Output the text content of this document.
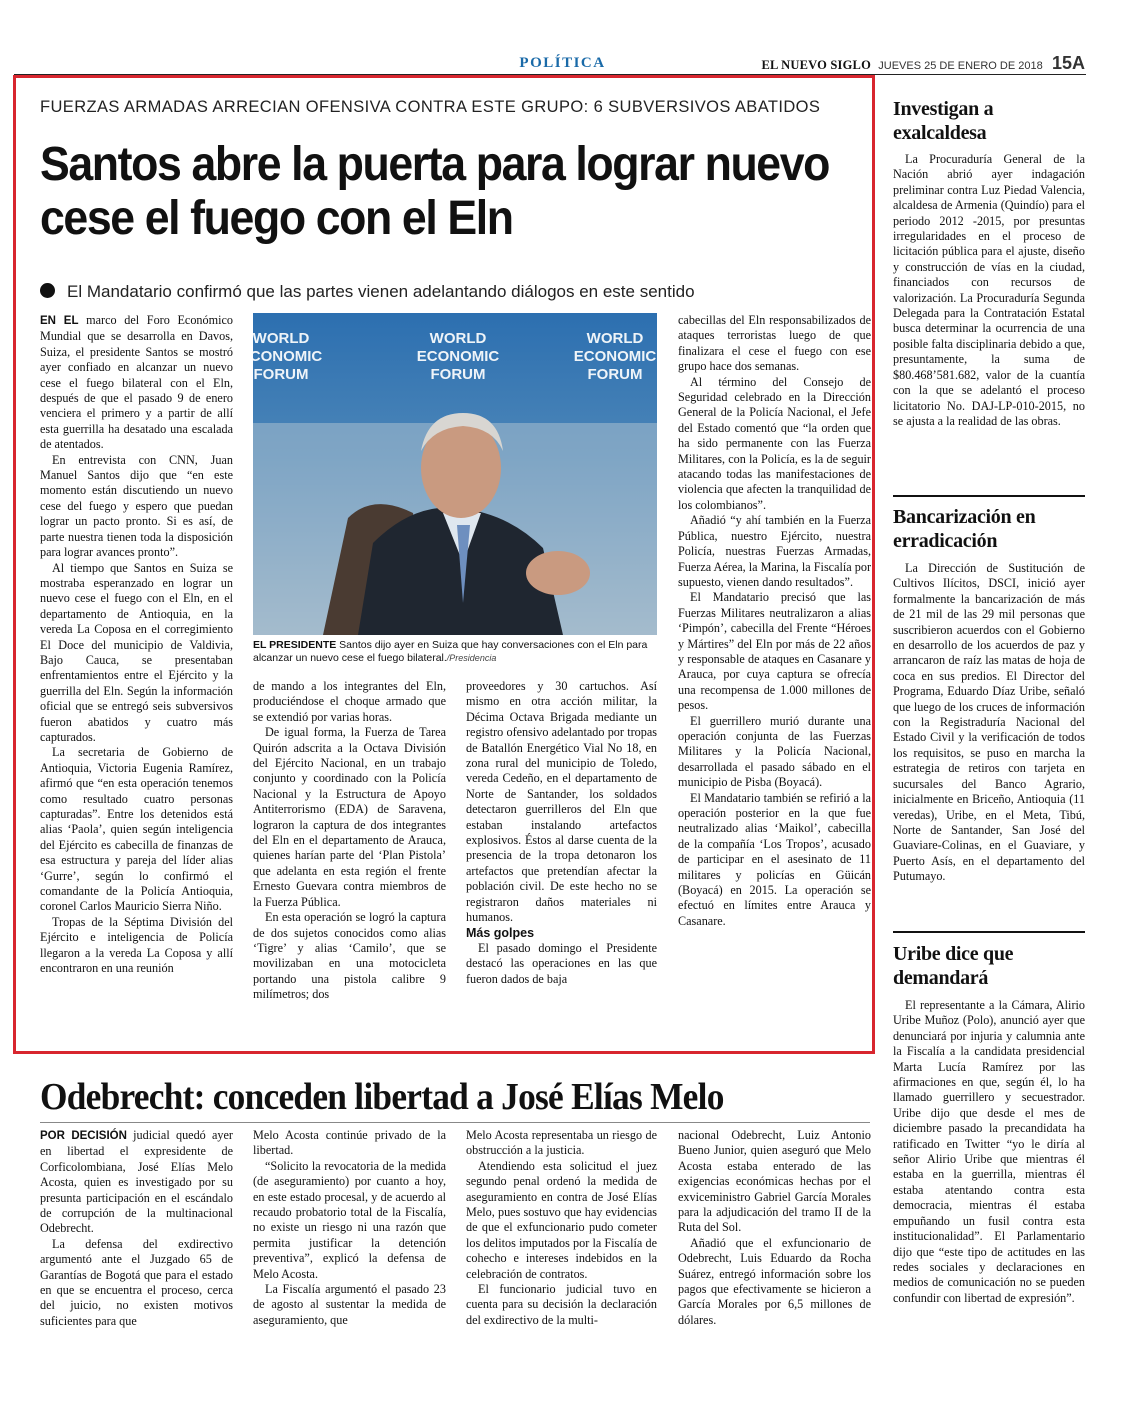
POLÍTICA	EL NUEVO SIGLO JUEVES 25 DE ENERO DE 2018 15A
FUERZAS ARMADAS ARRECIAN OFENSIVA CONTRA ESTE GRUPO: 6 SUBVERSIVOS ABATIDOS
Santos abre la puerta para lograr nuevo cese el fuego con el Eln
El Mandatario confirmó que las partes vienen adelantando diálogos en este sentido

EN EL marco del Foro Económico Mundial que se desarrolla en Davos, Suiza, el presidente Santos se mostró ayer confiado en alcanzar un nuevo cese el fuego bilateral con el Eln, después de que el pasado 9 de enero venciera el primero y a partir de allí esta guerrilla ha desatado una escalada de atentados.

En entrevista con CNN, Juan Manuel Santos dijo que “en este momento están discutiendo un nuevo cese del fuego y espero que puedan lograr un pacto pronto. Si es así, de parte nuestra tienen toda la disposición para lograr avances pronto”.

Al tiempo que Santos en Suiza se mostraba esperanzado en lograr un nuevo cese el fuego con el Eln, en el departamento de Antioquia, en la vereda La Coposa en el corregimiento El Doce del municipio de Valdivia, Bajo Cauca, se presentaban enfrentamientos entre el Ejército y la guerrilla del Eln. Según la información oficial que se entregó seis subversivos fueron abatidos y cuatro más capturados.

La secretaria de Gobierno de Antioquia, Victoria Eugenia Ramírez, afirmó que “en esta operación tenemos como resultado cuatro personas capturadas”. Entre los detenidos está alias ‘Paola’, quien según inteligencia del Ejército es cabecilla de finanzas de esa estructura y pareja del líder alias ‘Gurre’, según lo confirmó el comandante de la Policía Antioquia, coronel Carlos Mauricio Sierra Niño.

Tropas de la Séptima División del Ejército e inteligencia de Policía llegaron a la vereda La Coposa y allí encontraron en una reunión

WORLD
ECONOMIC
FORUM
WORLD
ECONOMIC
FORUM
WORLD
ECONOMIC
FORUM
EL PRESIDENTE Santos dijo ayer en Suiza que hay conversaciones con el Eln para alcanzar un nuevo cese el fuego bilateral./Presidencia

de mando a los integrantes del Eln, produciéndose el choque armado que se extendió por varias horas.

De igual forma, la Fuerza de Tarea Quirón adscrita a la Octava División del Ejército Nacional, en un trabajo conjunto y coordinado con la Policía Nacional y la Estructura de Apoyo Antiterrorismo (EDA) de Saravena, lograron la captura de dos integrantes del Eln en el departamento de Arauca, quienes harían parte del ‘Plan Pistola’ que adelanta en esta región el frente Ernesto Guevara contra miembros de la Fuerza Pública.

En esta operación se logró la captura de dos sujetos conocidos como alias ‘Tigre’ y alias ‘Camilo’, que se movilizaban en una motocicleta portando una pistola calibre 9 milímetros; dos

proveedores y 30 cartuchos. Así mismo en otra acción militar, la Décima Octava Brigada mediante un registro ofensivo adelantado por tropas de Batallón Energético Vial No 18, en zona rural del municipio de Toledo, vereda Cedeño, en el departamento de Norte de Santander, los soldados detectaron guerrilleros del Eln que estaban instalando artefactos explosivos. Éstos al darse cuenta de la presencia de la tropa detonaron los artefactos que pretendían afectar la población civil. De este hecho no se registraron daños materiales ni humanos.

Más golpes

El pasado domingo el Presidente destacó las operaciones en las que fueron dados de baja

cabecillas del Eln responsabilizados de ataques terroristas luego de que finalizara el cese el fuego con ese grupo hace dos semanas.

Al término del Consejo de Seguridad celebrado en la Dirección General de la Policía Nacional, el Jefe del Estado comentó que “la orden que ha sido permanente con las Fuerza Militares, con la Policía, es la de seguir atacando todas las manifestaciones de violencia que afecten la tranquilidad de los colombianos”.

Añadió “y ahí también en la Fuerza Pública, nuestro Ejército, nuestra Policía, nuestras Fuerzas Armadas, Fuerza Aérea, la Marina, la Fiscalía por supuesto, vienen dando resultados”.

El Mandatario precisó que las Fuerzas Militares neutralizaron a alias ‘Pimpón’, cabecilla del Frente “Héroes y Mártires” del Eln por más de 22 años y responsable de ataques en Casanare y Arauca, por cuya captura se ofrecía una recompensa de 1.000 millones de pesos.

El guerrillero murió durante una operación conjunta de las Fuerzas Militares y la Policía Nacional, desarrollada el pasado sábado en el municipio de Pisba (Boyacá).

El Mandatario también se refirió a la operación posterior en la que fue neutralizado alias ‘Maikol’, cabecilla de la compañía ‘Los Tropos’, acusado de participar en el asesinato de 11 militares y policías en Güicán (Boyacá) en 2015. La operación se efectuó en límites entre Arauca y Casanare.

Investigan a exalcaldesa

La Procuraduría General de la Nación abrió ayer indagación preliminar contra Luz Piedad Valencia, alcaldesa de Armenia (Quindío) para el periodo 2012 -2015, por presuntas irregularidades en el proceso de licitación pública para el ajuste, diseño y construcción de vías en la ciudad, financiados con recursos de valorización. La Procuraduría Segunda Delegada para la Contratación Estatal busca determinar la ocurrencia de una posible falta disciplinaria debido a que, presuntamente, la suma de $80.468’581.682, valor de la cuantía con la que se adelantó el proceso licitatorio No. DAJ-LP-010-2015, no se ajusta a la realidad de las obras.

Bancarización en erradicación

La Dirección de Sustitución de Cultivos Ilícitos, DSCI, inició ayer formalmente la bancarización de más de 21 mil de las 29 mil personas que suscribieron acuerdos con el Gobierno en desarrollo de los acuerdos de paz y arrancaron de raíz las matas de hoja de coca en sus predios. El Director del Programa, Eduardo Díaz Uribe, señaló que luego de los cruces de información con la Registraduría Nacional del Estado Civil y la verificación de todos los requisitos, se puso en marcha la estrategia de retiros con tarjeta en sucursales del Banco Agrario, inicialmente en Briceño, Antioquia (11 veredas), Uribe, en el Meta, Tibú, Norte de Santander, San José del Guaviare-Colinas, en el Guaviare, y Puerto Asís, en el departamento del Putumayo.

Uribe dice que demandará

El representante a la Cámara, Alirio Uribe Muñoz (Polo), anunció ayer que denunciará por injuria y calumnia ante la Fiscalía a la candidata presidencial Marta Lucía Ramírez por las afirmaciones en que, según él, lo ha llamado guerrillero y secuestrador. Uribe dijo que desde el mes de diciembre pasado la precandidata ha ratificado en Twitter “yo le diría al señor Alirio Uribe que mientras él estaba en la guerrilla, mientras él estaba atentando contra esta democracia, mientras él estaba empuñando un fusil contra esta institucionalidad”. El Parlamentario dijo que “este tipo de actitudes en las redes sociales y declaraciones en medios de comunicación no se pueden confundir con libertad de expresión”.

Odebrecht: conceden libertad a José Elías Melo

POR DECISIÓN judicial quedó ayer en libertad el expresidente de Corficolombiana, José Elías Melo Acosta, quien es investigado por su presunta participación en el escándalo de corrupción de la multinacional Odebrecht.

La defensa del exdirectivo argumentó ante el Juzgado 65 de Garantías de Bogotá que para el estado en que se encuentra el proceso, cerca del juicio, no existen motivos suficientes para que

Melo Acosta continúe privado de la libertad.

“Solicito la revocatoria de la medida (de aseguramiento) por cuanto a hoy, en este estado procesal, y de acuerdo al recaudo probatorio total de la Fiscalía, no existe un riesgo ni una razón que permita justificar la detención preventiva”, explicó la defensa de Melo Acosta.

La Fiscalía argumentó el pasado 23 de agosto al sustentar la medida de aseguramiento, que

Melo Acosta representaba un riesgo de obstrucción a la justicia.

Atendiendo esta solicitud el juez segundo penal ordenó la medida de aseguramiento en contra de José Elías Melo, pues sostuvo que hay evidencias de que el exfuncionario pudo cometer los delitos imputados por la Fiscalía de cohecho e intereses indebidos en la celebración de contratos.

El funcionario judicial tuvo en cuenta para su decisión la declaración del exdirectivo de la multi-

nacional Odebrecht, Luiz Antonio Bueno Junior, quien aseguró que Melo Acosta estaba enterado de las exigencias económicas hechas por el exviceministro Gabriel García Morales para la adjudicación del tramo II de la Ruta del Sol.

Añadió que el exfuncionario de Odebrecht, Luis Eduardo da Rocha Suárez, entregó información sobre los pagos que efectivamente se hicieron a García Morales por 6,5 millones de dólares.
